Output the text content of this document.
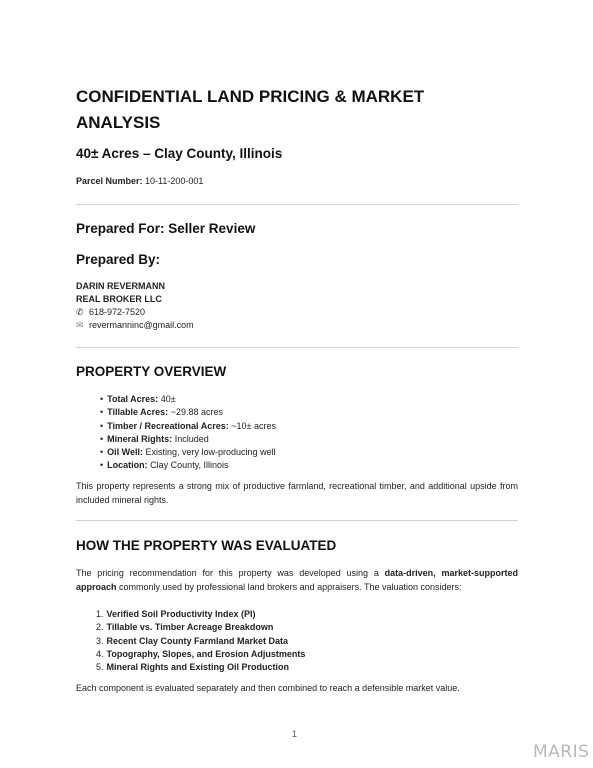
CONFIDENTIAL LAND PRICING & MARKET ANALYSIS
40± Acres – Clay County, Illinois
Parcel Number: 10-11-200-001
Prepared For: Seller Review
Prepared By:
DARIN REVERMANN
REAL BROKER LLC
✆ 618-972-7520
✉ revermanninc@gmail.com
PROPERTY OVERVIEW
• Total Acres: 40±
• Tillable Acres: ~29.88 acres
• Timber / Recreational Acres: ~10± acres
• Mineral Rights: Included
• Oil Well: Existing, very low-producing well
• Location: Clay County, Illinois

This property represents a strong mix of productive farmland, recreational timber, and additional upside from included mineral rights.

HOW THE PROPERTY WAS EVALUATED

The pricing recommendation for this property was developed using a data-driven, market-supported approach commonly used by professional land brokers and appraisers. The valuation considers:

1. Verified Soil Productivity Index (PI)
2. Tillable vs. Timber Acreage Breakdown
3. Recent Clay County Farmland Market Data
4. Topography, Slopes, and Erosion Adjustments
5. Mineral Rights and Existing Oil Production

Each component is evaluated separately and then combined to reach a defensible market value.

1
MARIS
